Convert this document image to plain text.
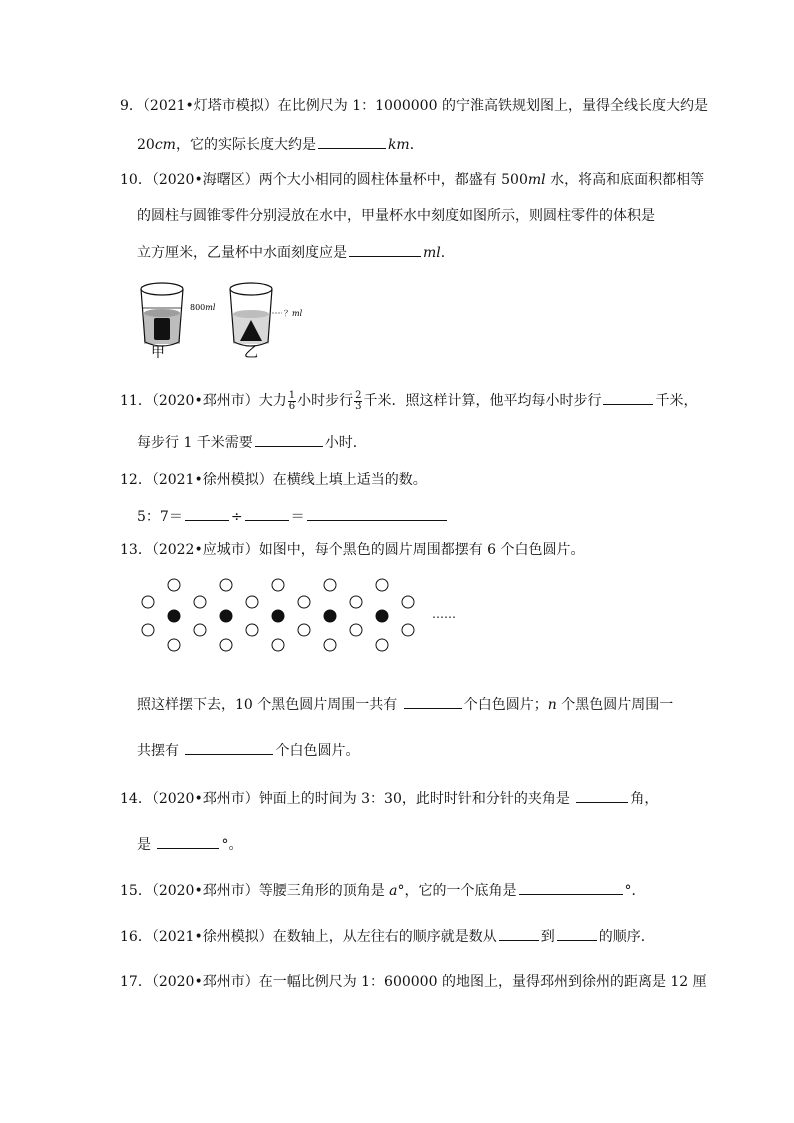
9．（2021•灯塔市模拟）在比例尺为 1：1000000 的宁淮高铁规划图上，量得全线长度大约是
20cm，它的实际长度大约是	km．
10．（2020•海曙区）两个大小相同的圆柱体量杯中，都盛有 500ml 水，将高和底面积都相等
的圆柱与圆锥零件分别浸放在水中，甲量杯水中刻度如图所示，则圆柱零件的体积是
立方厘米，乙量杯中水面刻度应是	ml．
800ml
甲
？ml
乙
11．（2020•邳州市）大力 $\frac{1}{6}$ 小时步行 $\frac{2}{3}$ 千米．照这样计算，他平均每小时步行	千米，
每步行 1 千米需要	小时．
12．（2021•徐州模拟）在横线上填上适当的数。
5：7＝	÷	＝
13．（2022•应城市）如图中，每个黑色的圆片周围都摆有 6 个白色圆片。
……
照这样摆下去，10 个黑色圆片周围一共有	个白色圆片；n 个黑色圆片周围一
共摆有	个白色圆片。
14．（2020•邳州市）钟面上的时间为 3：30，此时时针和分针的夹角是	角，
是	°。
15．（2020•邳州市）等腰三角形的顶角是 a°，它的一个底角是	°．
16．（2021•徐州模拟）在数轴上，从左往右的顺序就是数从	到	的顺序．
17．（2020•邳州市）在一幅比例尺为 1：600000 的地图上，量得邳州到徐州的距离是 12 厘
